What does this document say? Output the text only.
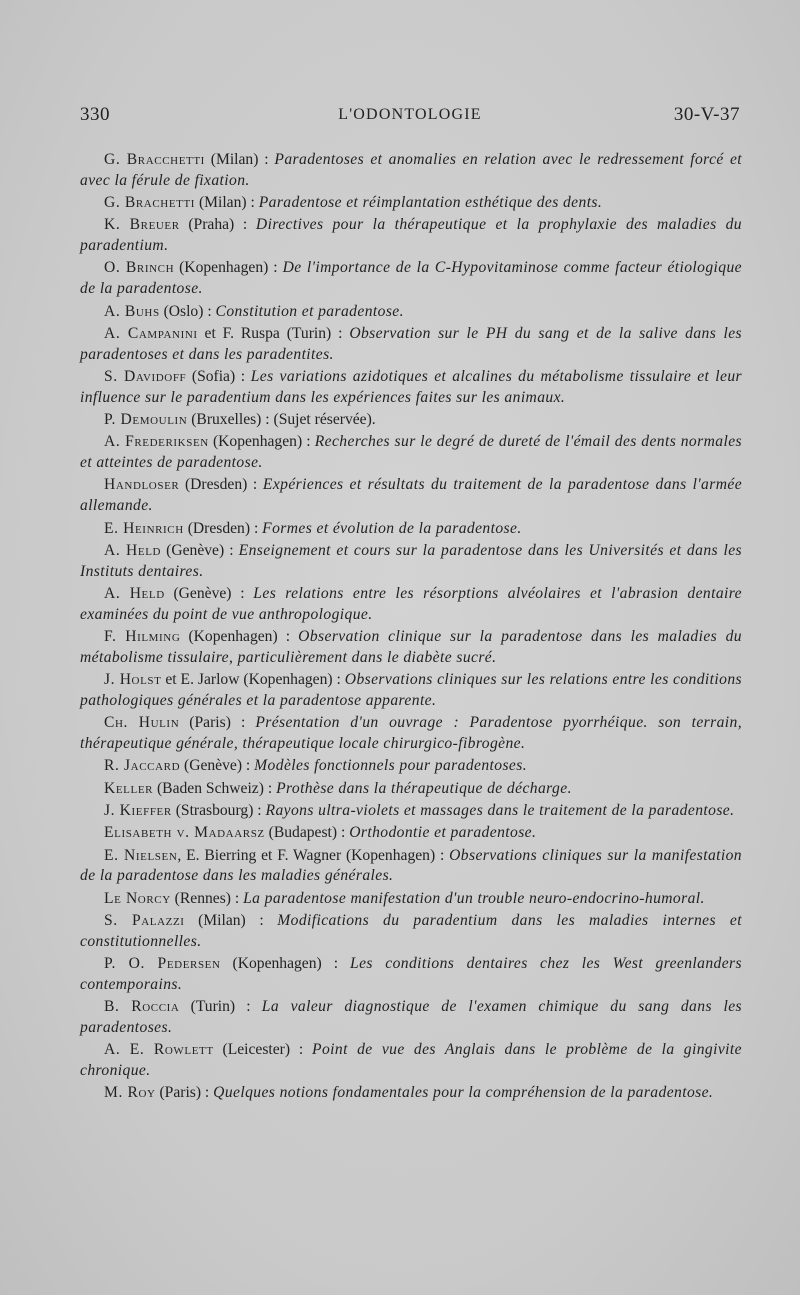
330	L'ODONTOLOGIE	30-V-37

G. Bracchetti (Milan) : Paradentoses et anomalies en relation avec le redressement forcé et avec la férule de fixation.

G. Brachetti (Milan) : Paradentose et réimplantation esthétique des dents.

K. Breuer (Praha) : Directives pour la thérapeutique et la prophylaxie des maladies du paradentium.

O. Brinch (Kopenhagen) : De l'importance de la C-Hypovitaminose comme facteur étiologique de la paradentose.

A. Buhs (Oslo) : Constitution et paradentose.

A. Campanini et F. Ruspa (Turin) : Observation sur le PH du sang et de la salive dans les paradentoses et dans les paradentites.

S. Davidoff (Sofia) : Les variations azidotiques et alcalines du métabolisme tissulaire et leur influence sur le paradentium dans les expériences faites sur les animaux.

P. Demoulin (Bruxelles) : (Sujet réservée).

A. Frederiksen (Kopenhagen) : Recherches sur le degré de dureté de l'émail des dents normales et atteintes de paradentose.

Handloser (Dresden) : Expériences et résultats du traitement de la paradentose dans l'armée allemande.

E. Heinrich (Dresden) : Formes et évolution de la paradentose.

A. Held (Genève) : Enseignement et cours sur la paradentose dans les Universités et dans les Instituts dentaires.

A. Held (Genève) : Les relations entre les résorptions alvéolaires et l'abrasion dentaire examinées du point de vue anthropologique.

F. Hilming (Kopenhagen) : Observation clinique sur la paradentose dans les maladies du métabolisme tissulaire, particulièrement dans le diabète sucré.

J. Holst et E. Jarlow (Kopenhagen) : Observations cliniques sur les relations entre les conditions pathologiques générales et la paradentose apparente.

Ch. Hulin (Paris) : Présentation d'un ouvrage : Paradentose pyorrhéique. son terrain, thérapeutique générale, thérapeutique locale chirurgico-fibrogène.

R. Jaccard (Genève) : Modèles fonctionnels pour paradentoses.

Keller (Baden Schweiz) : Prothèse dans la thérapeutique de décharge.

J. Kieffer (Strasbourg) : Rayons ultra-violets et massages dans le traitement de la paradentose.

Elisabeth v. Madaarsz (Budapest) : Orthodontie et paradentose.

E. Nielsen, E. Bierring et F. Wagner (Kopenhagen) : Observations cliniques sur la manifestation de la paradentose dans les maladies générales.

Le Norcy (Rennes) : La paradentose manifestation d'un trouble neuro-endocrino-humoral.

S. Palazzi (Milan) : Modifications du paradentium dans les maladies internes et constitutionnelles.

P. O. Pedersen (Kopenhagen) : Les conditions dentaires chez les West greenlanders contemporains.

B. Roccia (Turin) : La valeur diagnostique de l'examen chimique du sang dans les paradentoses.

A. E. Rowlett (Leicester) : Point de vue des Anglais dans le problème de la gingivite chronique.

M. Roy (Paris) : Quelques notions fondamentales pour la compréhension de la paradentose.
